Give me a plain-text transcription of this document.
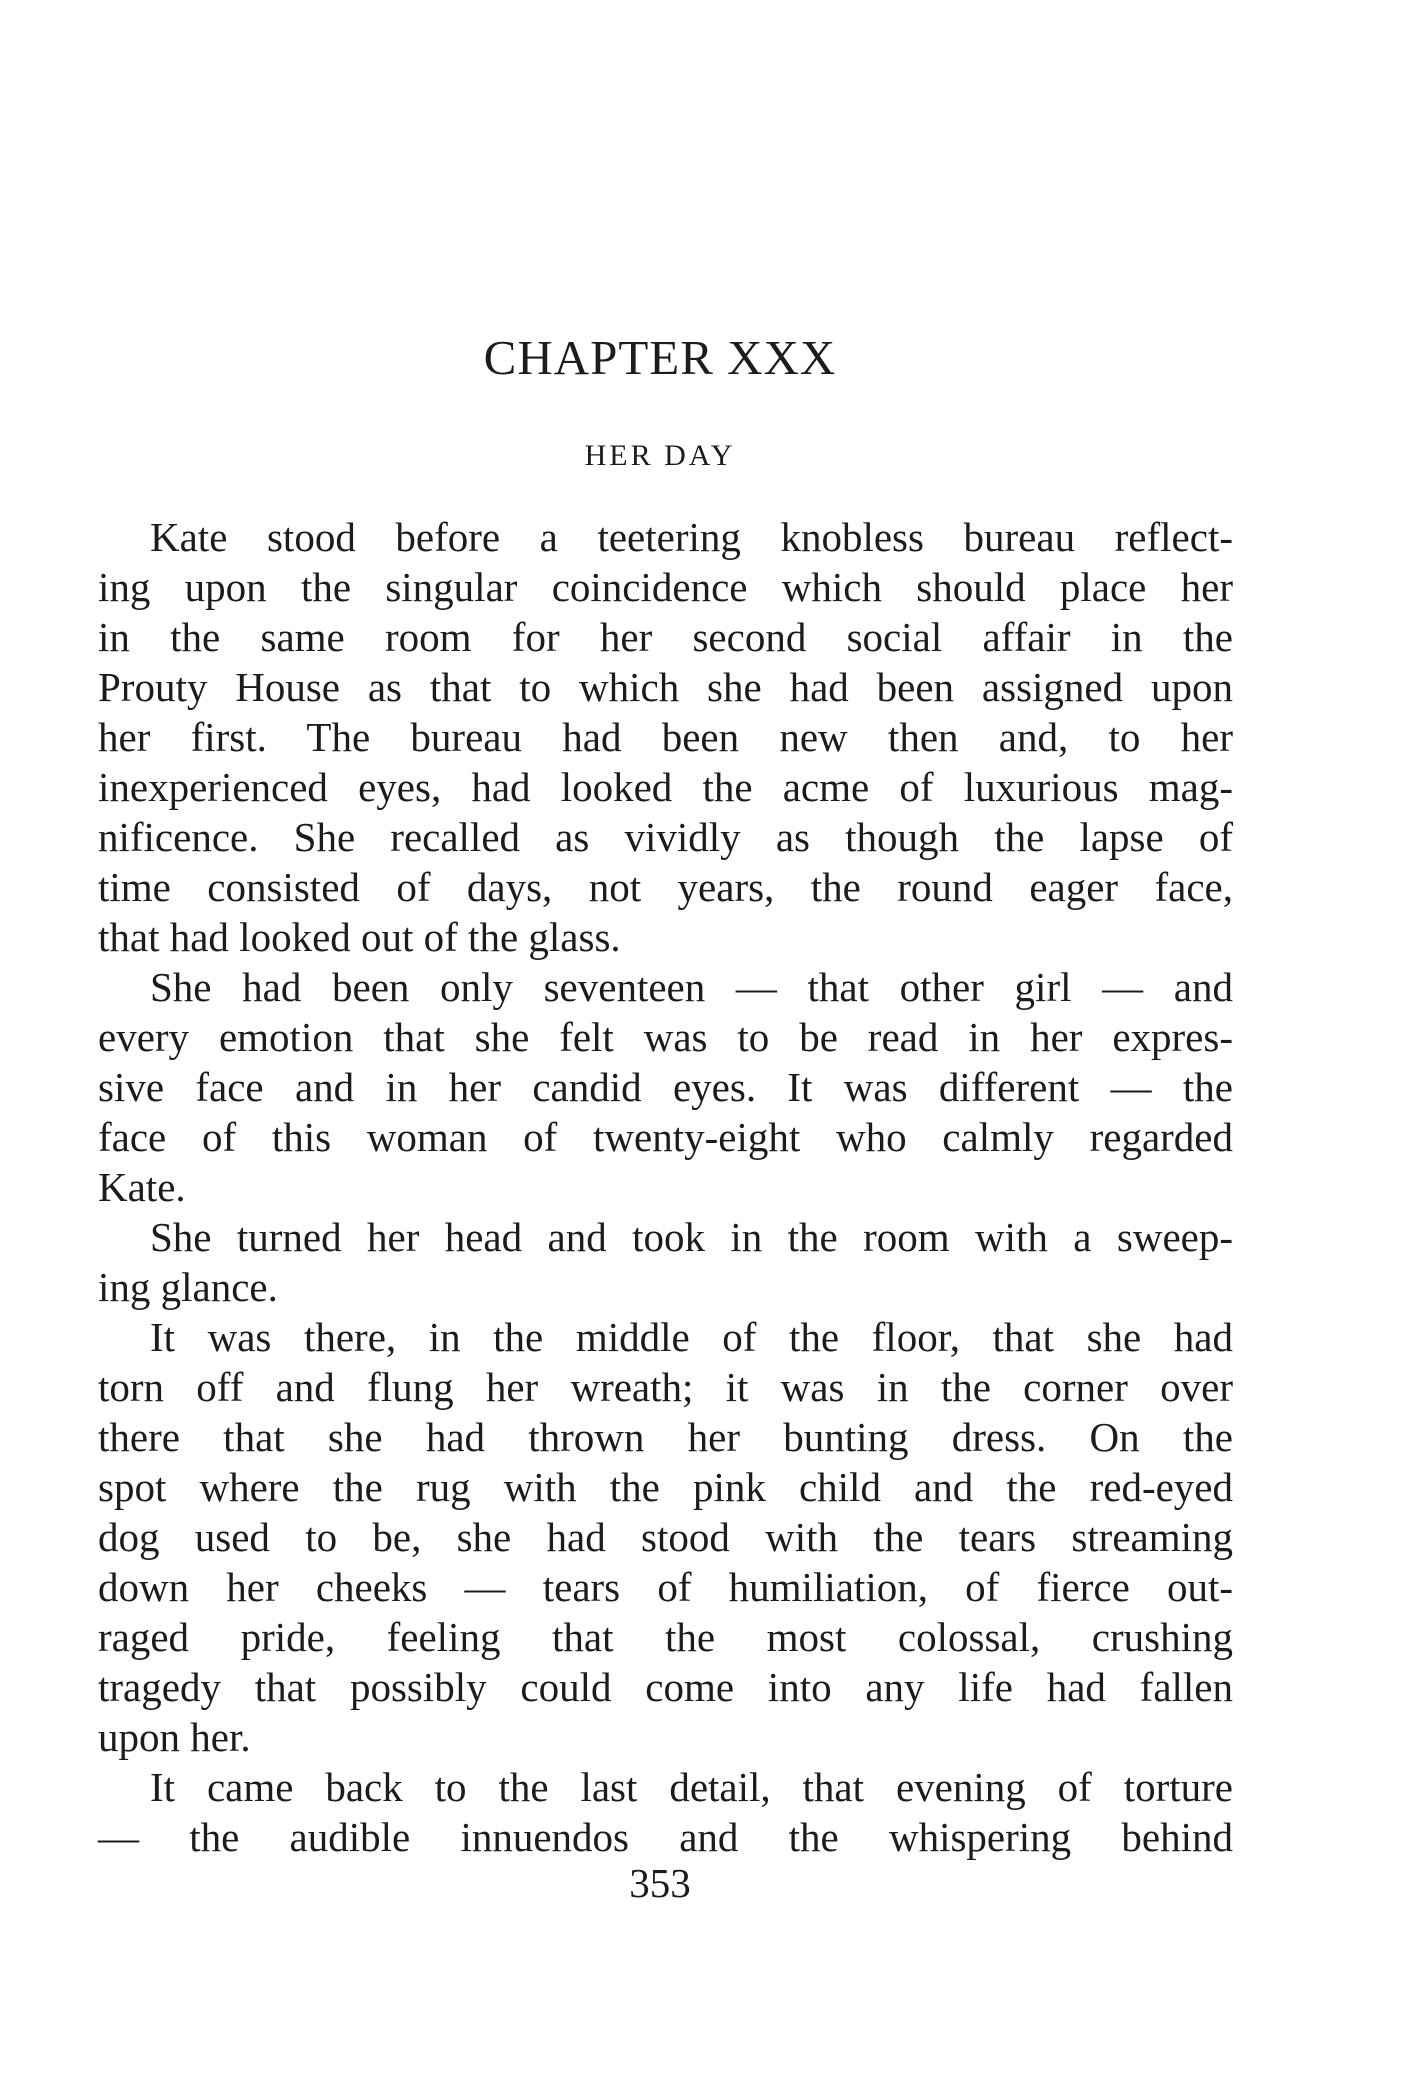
CHAPTER XXX
HER DAY
Kate stood before a teetering knobless bureau reflect-
ing upon the singular coincidence which should place her
in the same room for her second social affair in the
Prouty House as that to which she had been assigned upon
her first. The bureau had been new then and, to her
inexperienced eyes, had looked the acme of luxurious mag-
nificence. She recalled as vividly as though the lapse of
time consisted of days, not years, the round eager face,
that had looked out of the glass.
She had been only seventeen — that other girl — and
every emotion that she felt was to be read in her expres-
sive face and in her candid eyes. It was different — the
face of this woman of twenty-eight who calmly regarded
Kate.
She turned her head and took in the room with a sweep-
ing glance.
It was there, in the middle of the floor, that she had
torn off and flung her wreath; it was in the corner over
there that she had thrown her bunting dress. On the
spot where the rug with the pink child and the red-eyed
dog used to be, she had stood with the tears streaming
down her cheeks — tears of humiliation, of fierce out-
raged pride, feeling that the most colossal, crushing
tragedy that possibly could come into any life had fallen
upon her.
It came back to the last detail, that evening of torture
— the audible innuendos and the whispering behind
353
